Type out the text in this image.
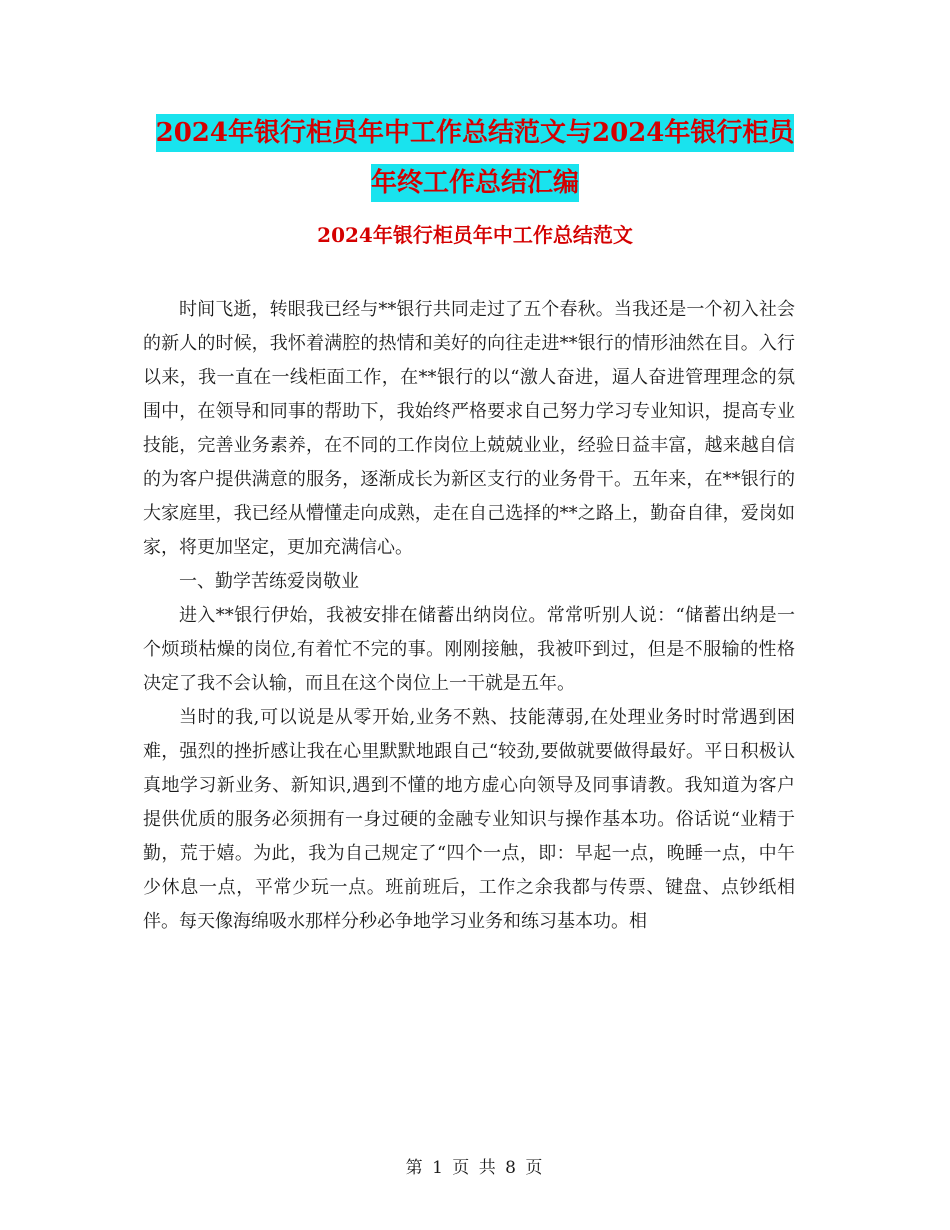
2024年银行柜员年中工作总结范文与2024年银行柜员
年终工作总结汇编
2024年银行柜员年中工作总结范文

时间飞逝，转眼我已经与**银行共同走过了五个春秋。当我还是一个初入社会的新人的时候，我怀着满腔的热情和美好的向往走进**银行的情形油然在目。入行以来，我一直在一线柜面工作，在**银行的以“激人奋进，逼人奋进管理理念的氛围中，在领导和同事的帮助下，我始终严格要求自己努力学习专业知识，提高专业技能，完善业务素养，在不同的工作岗位上兢兢业业，经验日益丰富，越来越自信的为客户提供满意的服务，逐渐成长为新区支行的业务骨干。五年来，在**银行的大家庭里，我已经从懵懂走向成熟，走在自己选择的**之路上，勤奋自律，爱岗如家，将更加坚定，更加充满信心。

一、勤学苦练爱岗敬业

进入**银行伊始，我被安排在储蓄出纳岗位。常常听别人说：“储蓄出纳是一个烦琐枯燥的岗位,有着忙不完的事。刚刚接触，我被吓到过，但是不服输的性格决定了我不会认输，而且在这个岗位上一干就是五年。

当时的我,可以说是从零开始,业务不熟、技能薄弱,在处理业务时时常遇到困难，强烈的挫折感让我在心里默默地跟自己“较劲,要做就要做得最好。平日积极认真地学习新业务、新知识,遇到不懂的地方虚心向领导及同事请教。我知道为客户提供优质的服务必须拥有一身过硬的金融专业知识与操作基本功。俗话说“业精于勤，荒于嬉。为此，我为自己规定了“四个一点，即：早起一点，晚睡一点，中午少休息一点，平常少玩一点。班前班后，工作之余我都与传票、键盘、点钞纸相伴。每天像海绵吸水那样分秒必争地学习业务和练习基本功。相

第 1 页 共 8 页
